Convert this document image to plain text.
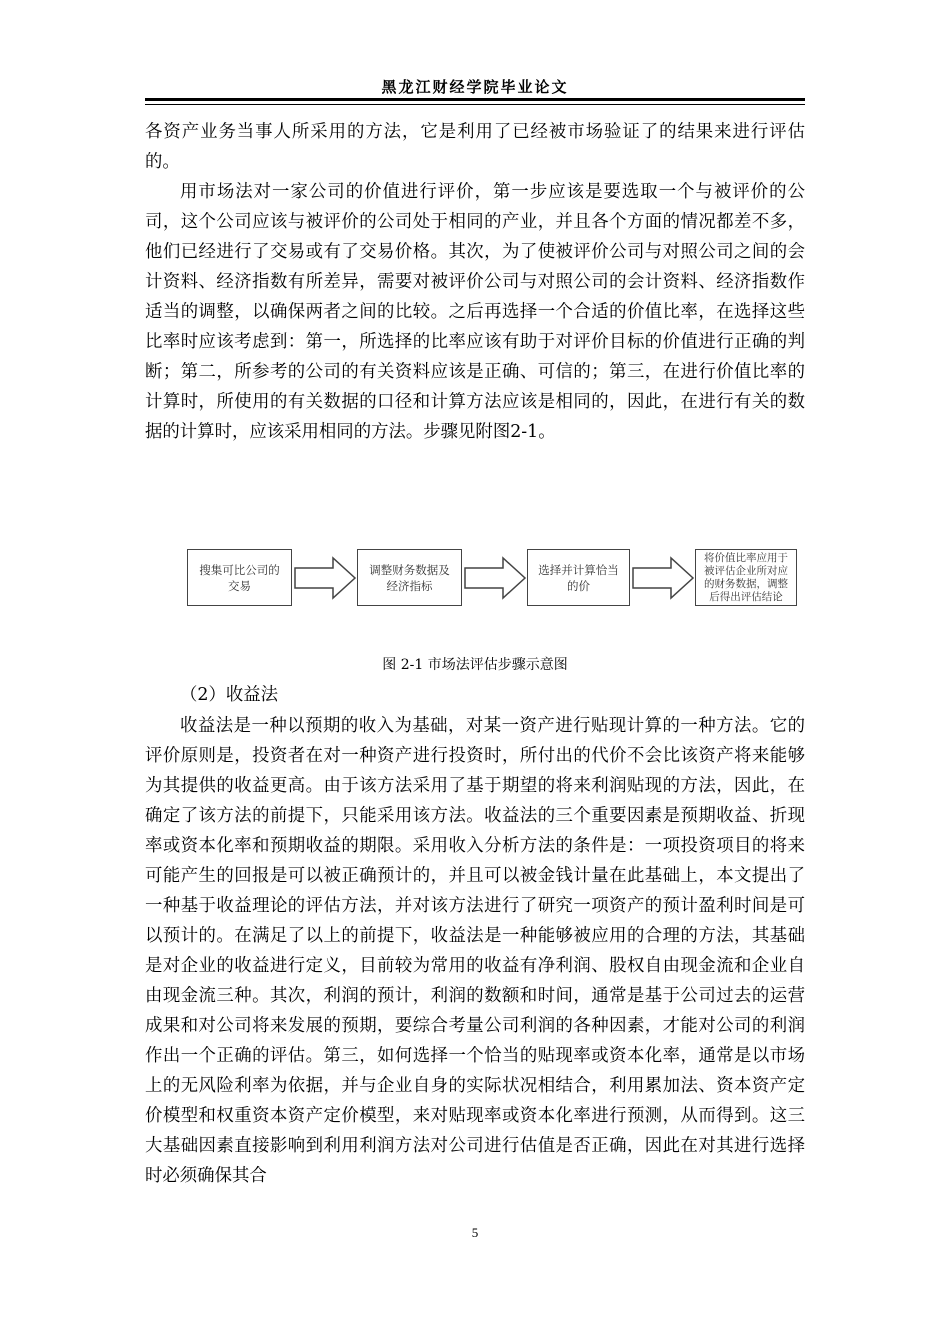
黑龙江财经学院毕业论文

各资产业务当事人所采用的方法，它是利用了已经被市场验证了的结果来进行评估的。

用市场法对一家公司的价值进行评价，第一步应该是要选取一个与被评价的公司，这个公司应该与被评价的公司处于相同的产业，并且各个方面的情况都差不多，他们已经进行了交易或有了交易价格。其次，为了使被评价公司与对照公司之间的会计资料、经济指数有所差异，需要对被评价公司与对照公司的会计资料、经济指数作适当的调整，以确保两者之间的比较。之后再选择一个合适的价值比率，在选择这些比率时应该考虑到：第一，所选择的比率应该有助于对评价目标的价值进行正确的判断；第二，所参考的公司的有关资料应该是正确、可信的；第三，在进行价值比率的计算时，所使用的有关数据的口径和计算方法应该是相同的，因此，在进行有关的数据的计算时，应该采用相同的方法。步骤见附图2-1。

搜集可比公司的交易
调整财务数据及经济指标
选择并计算恰当的价
将价值比率应用于被评估企业所对应的财务数据，调整后得出评估结论
图 2-1 市场法评估步骤示意图
（2）收益法

收益法是一种以预期的收入为基础，对某一资产进行贴现计算的一种方法。它的评价原则是，投资者在对一种资产进行投资时，所付出的代价不会比该资产将来能够为其提供的收益更高。由于该方法采用了基于期望的将来利润贴现的方法，因此，在确定了该方法的前提下，只能采用该方法。收益法的三个重要因素是预期收益、折现率或资本化率和预期收益的期限。采用收入分析方法的条件是：一项投资项目的将来可能产生的回报是可以被正确预计的，并且可以被金钱计量在此基础上，本文提出了一种基于收益理论的评估方法，并对该方法进行了研究一项资产的预计盈利时间是可以预计的。在满足了以上的前提下，收益法是一种能够被应用的合理的方法，其基础是对企业的收益进行定义，目前较为常用的收益有净利润、股权自由现金流和企业自由现金流三种。其次，利润的预计，利润的数额和时间，通常是基于公司过去的运营成果和对公司将来发展的预期，要综合考量公司利润的各种因素，才能对公司的利润作出一个正确的评估。第三，如何选择一个恰当的贴现率或资本化率，通常是以市场上的无风险利率为依据，并与企业自身的实际状况相结合，利用累加法、资本资产定价模型和权重资本资产定价模型，来对贴现率或资本化率进行预测，从而得到。这三大基础因素直接影响到利用利润方法对公司进行估值是否正确，因此在对其进行选择时必须确保其合

5
